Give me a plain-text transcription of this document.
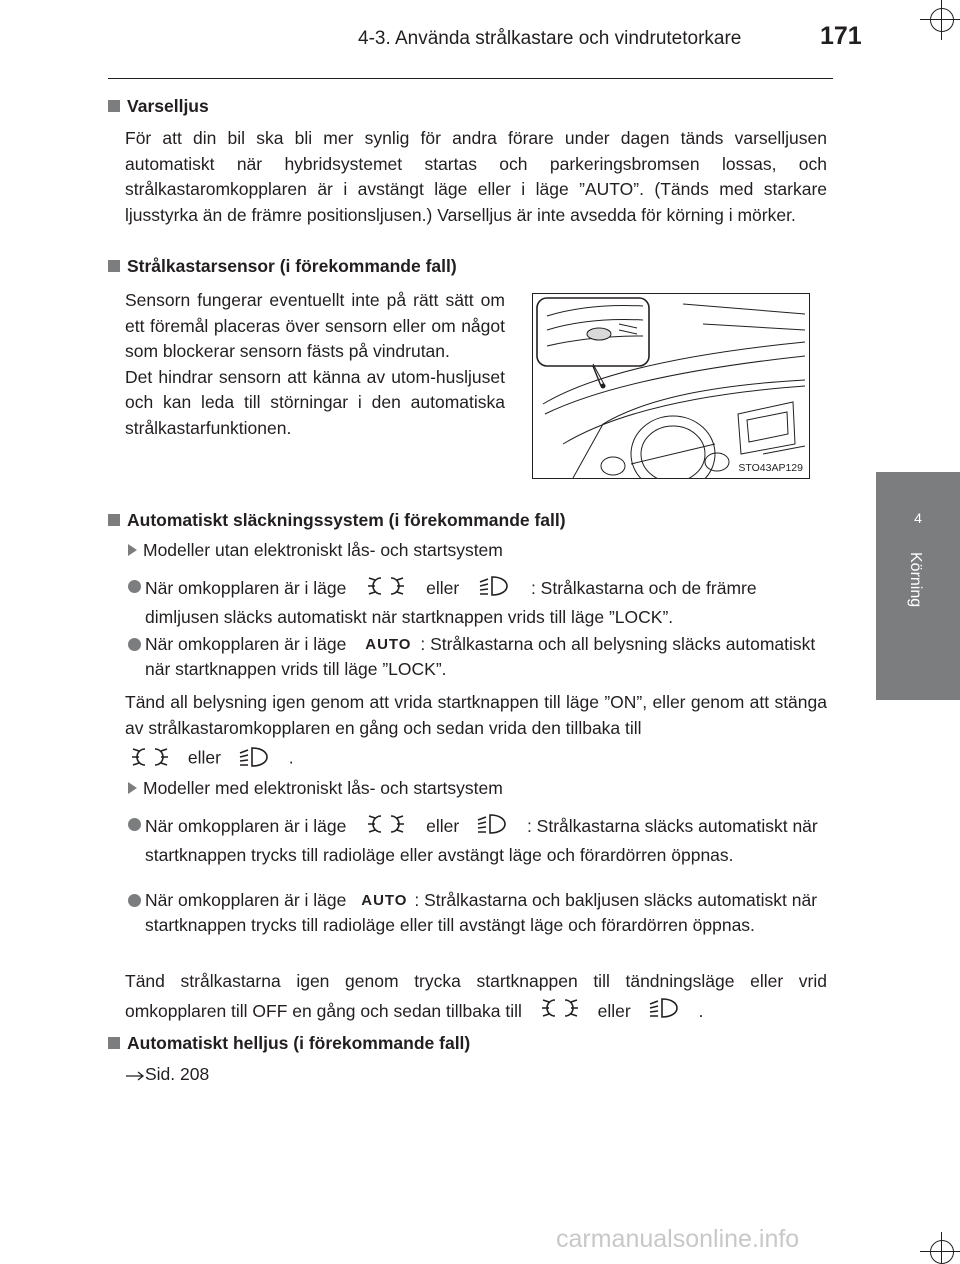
4-3. Använda strålkastare och vindrutetorkare	171
4
Körning
Varselljus
För att din bil ska bli mer synlig för andra förare under dagen tänds varselljusen automatiskt när hybridsystemet startas och parkeringsbromsen lossas, och strålkastaromkopplaren är i avstängt läge eller i läge ”AUTO”. (Tänds med starkare ljusstyrka än de främre positionsljusen.) Varselljus är inte avsedda för körning i mörker.
Strålkastarsensor (i förekommande fall)
Sensorn fungerar eventuellt inte på rätt sätt om ett föremål placeras över sensorn eller om något som blockerar sensorn fästs på vindrutan.
Det hindrar sensorn att känna av utom-husljuset och kan leda till störningar i den automatiska strålkastarfunktionen.
STO43AP129
Automatiskt släckningssystem (i förekommande fall)
Modeller utan elektroniskt lås- och startsystem
När omkopplaren är i läge	eller	: Strålkastarna och de främre dimljusen släcks automatiskt när startknappen vrids till läge ”LOCK”.
När omkopplaren är i läge AUTO : Strålkastarna och all belysning släcks automatiskt när startknappen vrids till läge ”LOCK”.
Tänd all belysning igen genom att vrida startknappen till läge ”ON”, eller genom att stänga av strålkastaromkopplaren en gång och sedan vrida den tillbaka till
eller	.
Modeller med elektroniskt lås- och startsystem
När omkopplaren är i läge	eller	: Strålkastarna släcks automatiskt när startknappen trycks till radioläge eller avstängt läge och förardörren öppnas.
När omkopplaren är i läge AUTO : Strålkastarna och bakljusen släcks automatiskt när startknappen trycks till radioläge eller till avstängt läge och förardörren öppnas.
Tänd strålkastarna igen genom trycka startknappen till tändningsläge eller vrid omkopplaren till OFF en gång och sedan tillbaka till	eller	.
Automatiskt helljus (i förekommande fall)
Sid. 208
carmanualsonline.info
